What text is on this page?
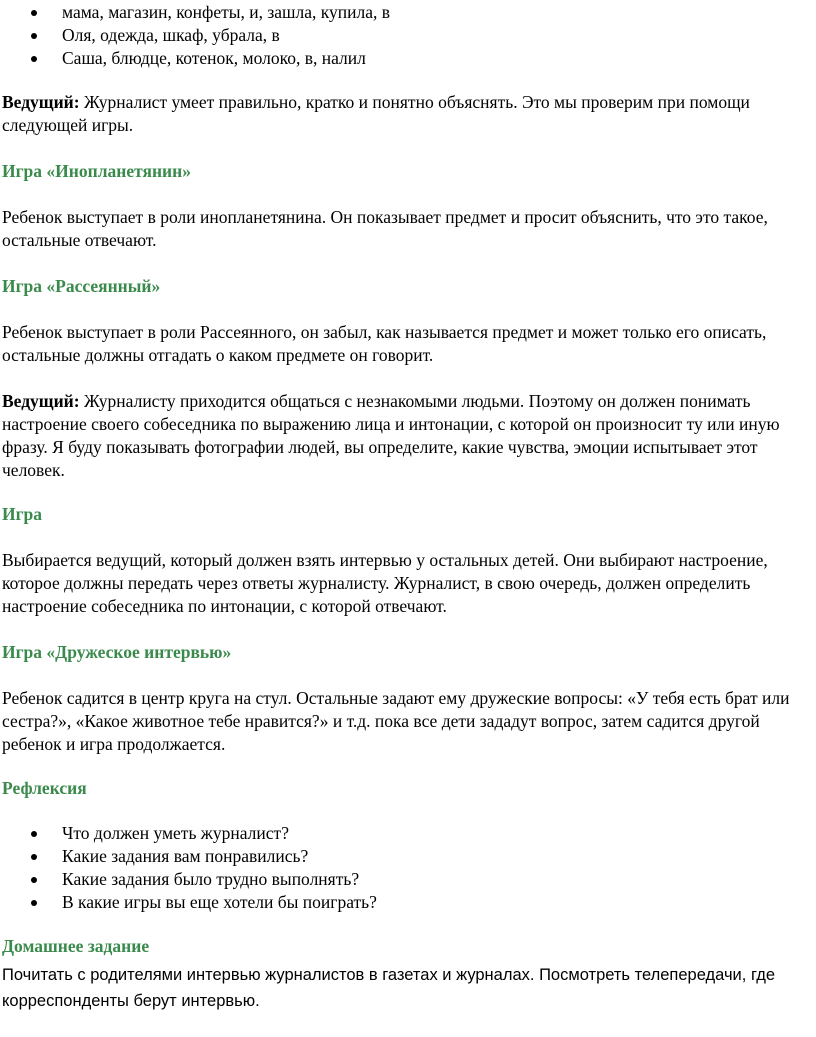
мама, магазин, конфеты, и, зашла, купила, в
Оля, одежда, шкаф, убрала, в
Саша, блюдце, котенок, молоко, в, налил

Ведущий: Журналист умеет правильно, кратко и понятно объяснять. Это мы проверим при помощи следующей игры.

Игра «Инопланетянин»

Ребенок выступает в роли инопланетянина. Он показывает предмет и просит объяснить, что это такое, остальные отвечают.

Игра «Рассеянный»

Ребенок выступает в роли Рассеянного, он забыл, как называется предмет и может только его описать, остальные должны отгадать о каком предмете он говорит.

Ведущий: Журналисту приходится общаться с незнакомыми людьми. Поэтому он должен понимать настроение своего собеседника по выражению лица и интонации, с которой он произносит ту или иную фразу. Я буду показывать фотографии людей, вы определите, какие чувства, эмоции испытывает этот человек.

Игра

Выбирается ведущий, который должен взять интервью у остальных детей. Они выбирают настроение, которое должны передать через ответы журналисту. Журналист, в свою очередь, должен определить настроение собеседника по интонации, с которой отвечают.

Игра «Дружеское интервью»

Ребенок садится в центр круга на стул. Остальные задают ему дружеские вопросы: «У тебя есть брат или сестра?», «Какое животное тебе нравится?» и т.д. пока все дети зададут вопрос, затем садится другой ребенок и игра продолжается.

Рефлексия
Что должен уметь журналист?
Какие задания вам понравились?
Какие задания было трудно выполнять?
В какие игры вы еще хотели бы поиграть?
Домашнее задание

Почитать с родителями интервью журналистов в газетах и журналах. Посмотреть телепередачи, где корреспонденты берут интервью.
